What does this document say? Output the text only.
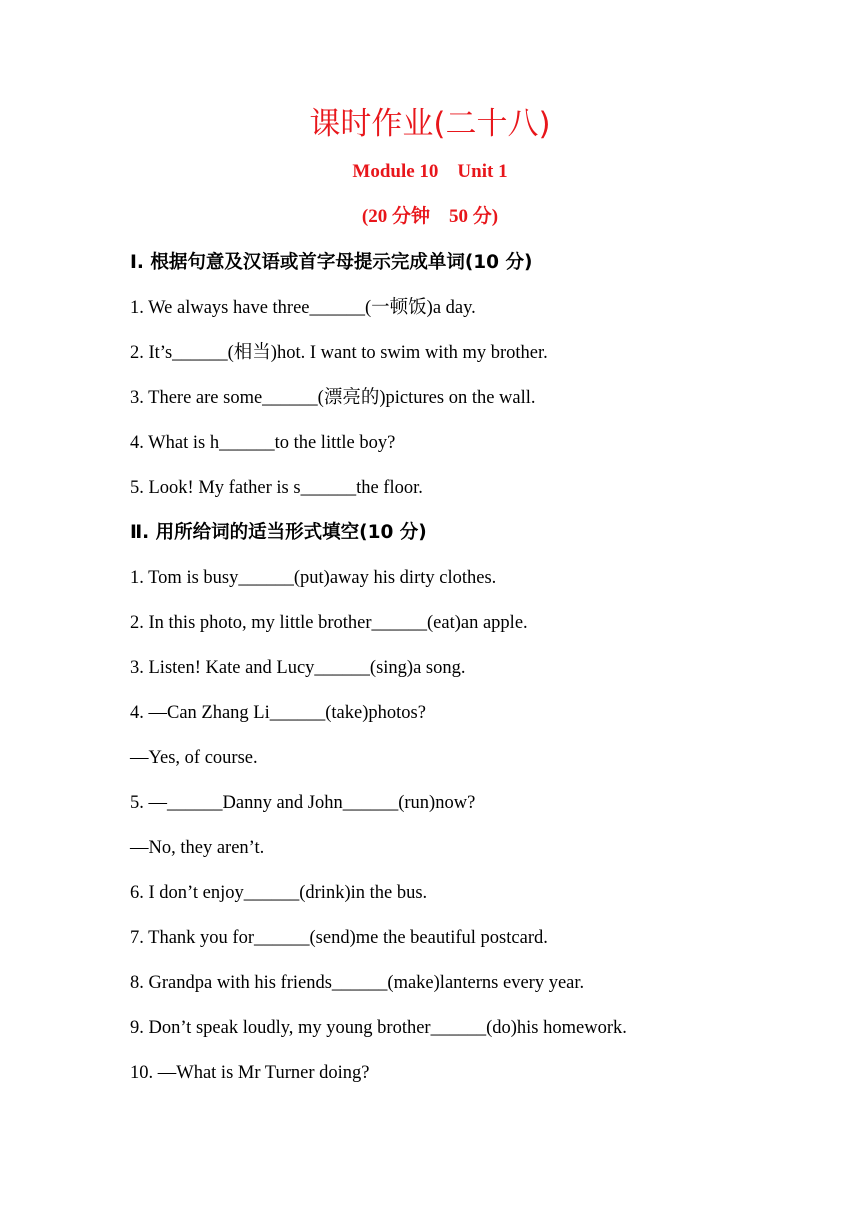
课时作业(二十八)
Module 10    Unit 1
(20 分钟    50 分)
Ⅰ. 根据句意及汉语或首字母提示完成单词(10 分)
1. We always have three______(一顿饭)a day.
2. It’s______(相当)hot. I want to swim with my brother.
3. There are some______(漂亮的)pictures on the wall.
4. What is h______to the little boy?
5. Look! My father is s______the floor.
Ⅱ. 用所给词的适当形式填空(10 分)
1. Tom is busy______(put)away his dirty clothes.
2. In this photo, my little brother______(eat)an apple.
3. Listen! Kate and Lucy______(sing)a song.
4. —Can Zhang Li______(take)photos?
—Yes, of course.
5. —______Danny and John______(run)now?
—No, they aren’t.
6. I don’t enjoy______(drink)in the bus.
7. Thank you for______(send)me the beautiful postcard.
8. Grandpa with his friends______(make)lanterns every year.
9. Don’t speak loudly, my young brother______(do)his homework.
10. —What is Mr Turner doing?
